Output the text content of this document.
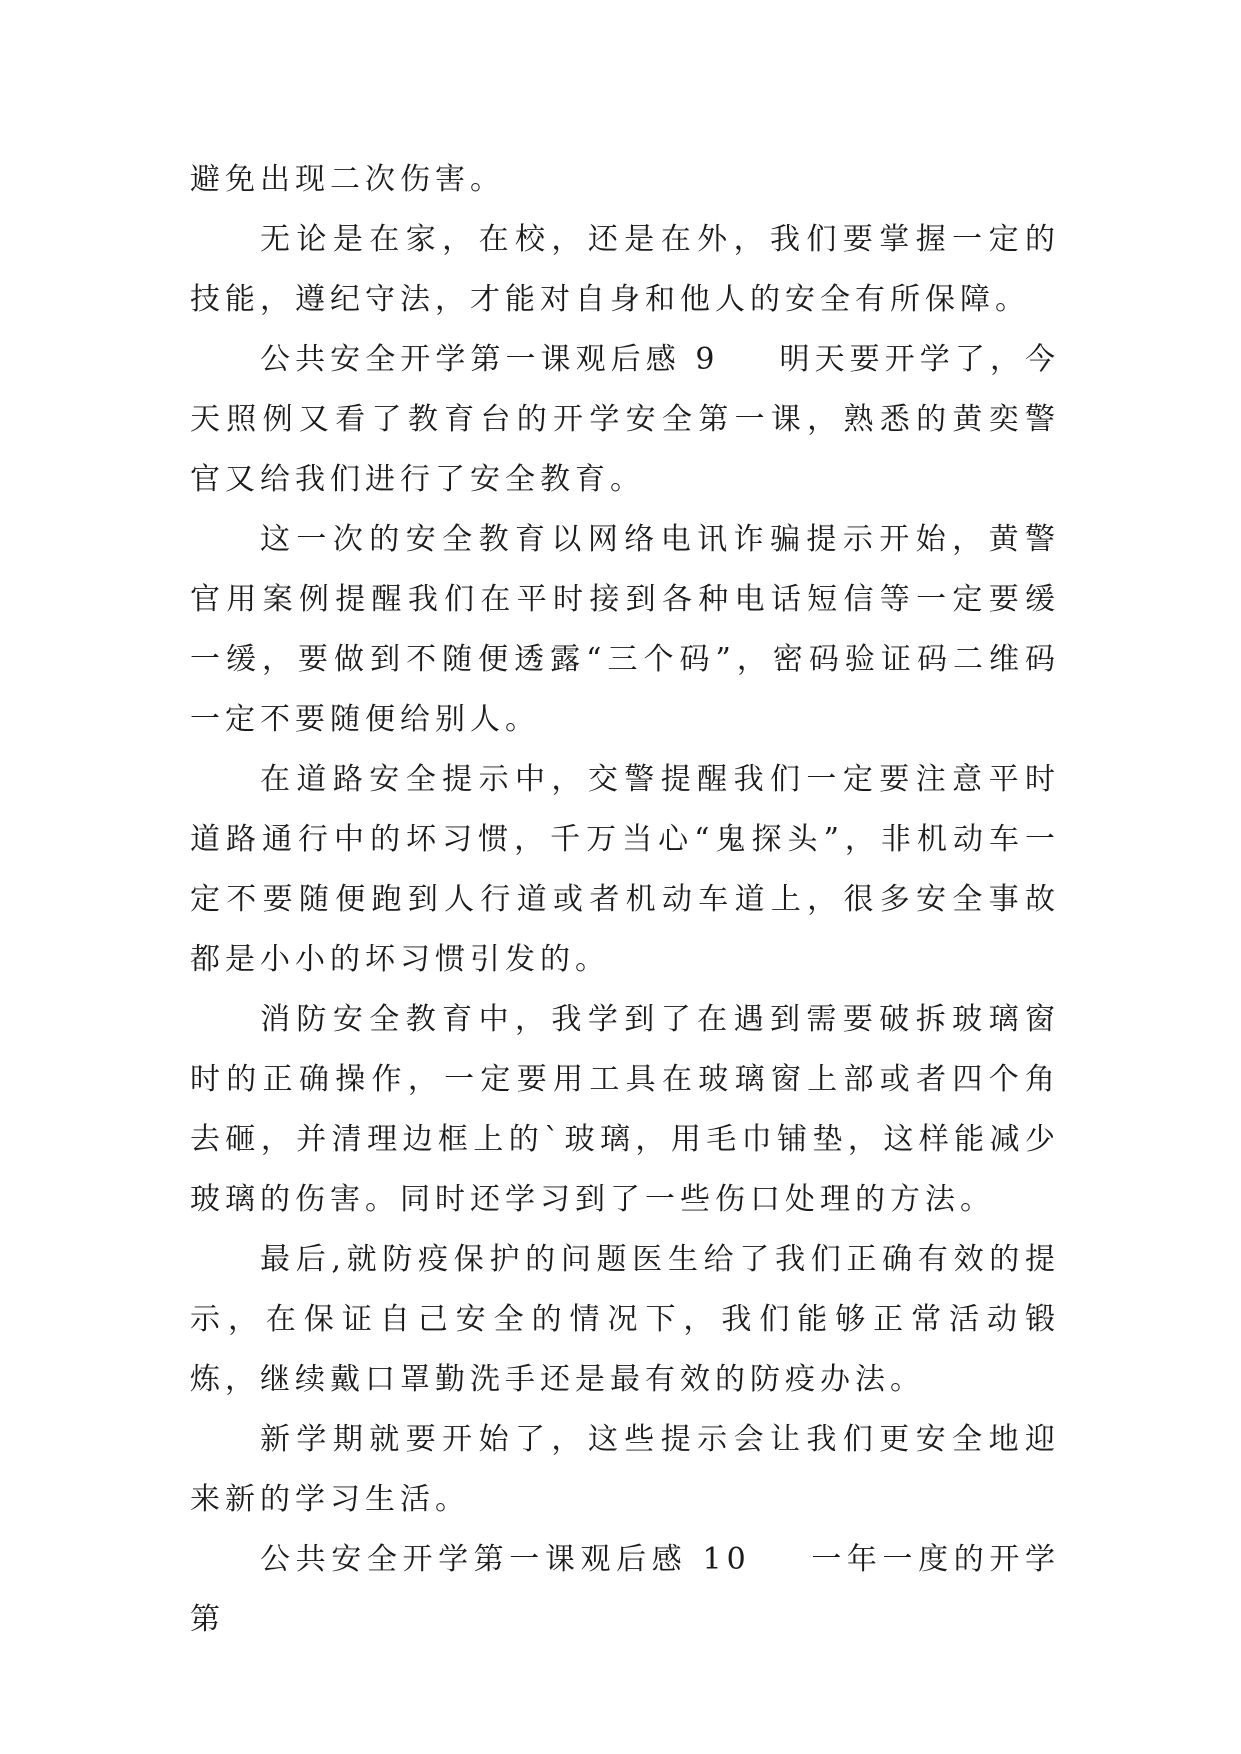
避免出现二次伤害。

无论是在家，在校，还是在外，我们要掌握一定的技能，遵纪守法，才能对自身和他人的安全有所保障。

公共安全开学第一课观后感 9 明天要开学了，今天照例又看了教育台的开学安全第一课，熟悉的黄奕警官又给我们进行了安全教育。

这一次的安全教育以网络电讯诈骗提示开始，黄警官用案例提醒我们在平时接到各种电话短信等一定要缓一缓，要做到不随便透露“三个码”，密码验证码二维码一定不要随便给别人。

在道路安全提示中，交警提醒我们一定要注意平时道路通行中的坏习惯，千万当心“鬼探头”，非机动车一定不要随便跑到人行道或者机动车道上，很多安全事故都是小小的坏习惯引发的。

消防安全教育中，我学到了在遇到需要破拆玻璃窗时的正确操作，一定要用工具在玻璃窗上部或者四个角去砸，并清理边框上的`玻璃，用毛巾铺垫，这样能减少玻璃的伤害。同时还学习到了一些伤口处理的方法。

最后,就防疫保护的问题医生给了我们正确有效的提示，在保证自己安全的情况下，我们能够正常活动锻炼，继续戴口罩勤洗手还是最有效的防疫办法。

新学期就要开始了，这些提示会让我们更安全地迎来新的学习生活。

公共安全开学第一课观后感 10 一年一度的开学第
